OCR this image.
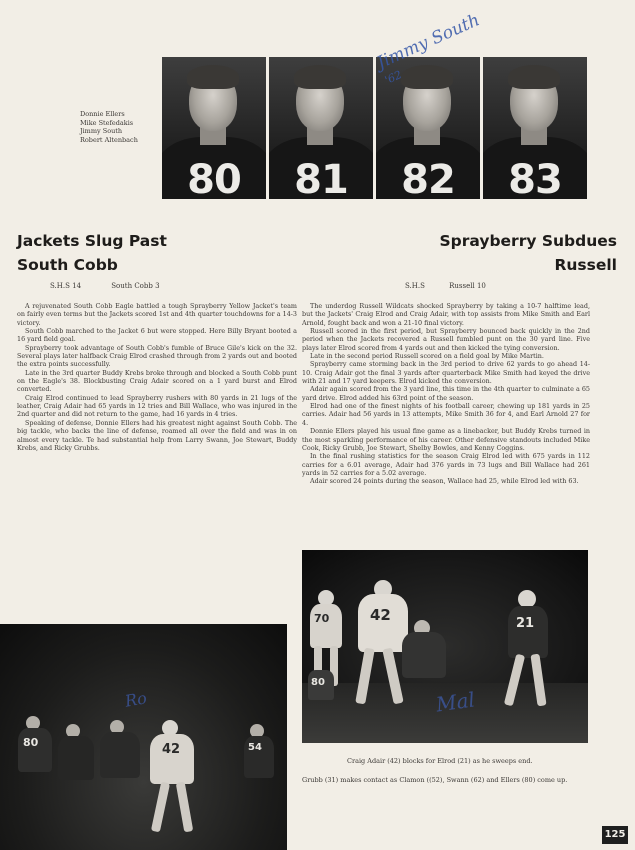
Donnie Ellers
Mike Stefedakis
Jimmy South
Robert Altenbach
80	81	82	83
Jimmy South
'62
Jackets Slug Past
South Cobb
Sprayberry Subdues
Russell
S.H.S 14	South Cobb 3	S.H.S	Russell 10

A rejuvenated South Cobb Eagle battled a tough Sprayberry Yellow Jacket's team on fairly even terms but the Jackets scored 1st and 4th quarter touchdowns for a 14-3 victory.

South Cobb marched to the Jacket 6 but were stopped. Here Billy Bryant booted a 16 yard field goal.

Sprayberry took advantage of South Cobb's fumble of Bruce Gile's kick on the 32. Several plays later halfback Craig Elrod crashed through from 2 yards out and booted the extra points successfully.

Late in the 3rd quarter Buddy Krebs broke through and blocked a South Cobb punt on the Eagle's 38. Blockbusting Craig Adair scored on a 1 yard burst and Elrod converted.

Craig Elrod continued to lead Sprayberry rushers with 80 yards in 21 lugs of the leather, Craig Adair had 65 yards in 12 tries and Bill Wallace, who was injured in the 2nd quarter and did not return to the game, had 16 yards in 4 tries.

Speaking of defense, Donnie Ellers had his greatest night against South Cobb. The big tackle, who backs the line of defense, roamed all over the field and was in on almost every tackle. Te had substantial help from Larry Swann, Joe Stewart, Buddy Krebs, and Ricky Grubbs.

The underdog Russell Wildcats shocked Sprayberry by taking a 10-7 halftime lead, but the Jackets' Craig Elrod and Craig Adair, with top assists from Mike Smith and Earl Arnold, fought back and won a 21-10 final victory.

Russell scored in the first period, but Sprayberry bounced back quickly in the 2nd period when the Jackets recovered a Russell fumbled punt on the 30 yard line. Five plays later Elrod scored from 4 yards out and then kicked the tying conversion.

Late in the second period Russell scored on a field goal by Mike Martin.

Sprayberry came storming back in the 3rd period to drive 62 yards to go ahead 14-10. Craig Adair got the final 3 yards after quarterback Mike Smith had keyed the drive with 21 and 17 yard keepers. Elrod kicked the conversion.

Adair again scored from the 3 yard line, this time in the 4th quarter to culminate a 65 yard drive. Elrod added his 63rd point of the season.

Elrod had one of the finest nights of his football career, chewing up 181 yards in 25 carries. Adair had 56 yards in 13 attempts, Mike Smith 36 for 4, and Earl Arnold 27 for 4.

Donnie Ellers played his usual fine game as a linebacker, but Buddy Krebs turned in the most sparkling performance of his career. Other defensive standouts included Mike Cook, Ricky Grubb, Joe Stewart, Shelby Bowles, and Kenny Coggins.

In the final rushing statistics for the season Craig Elrod led with 675 yards in 112 carries for a 6.01 average, Adair had 376 yards in 73 lugs and Bill Wallace had 261 yards in 52 carries for a 5.02 average.

Adair scored 24 points during the season, Wallace had 25, while Elrod led with 63.

70	42	21
80
Mal
80	42	54
Ro
Craig Adair (42) blocks for Elrod (21) as he sweeps end.
Grubb (31) makes contact as Clamon ((52), Swann (62) and Ellers (80) come up.
125
